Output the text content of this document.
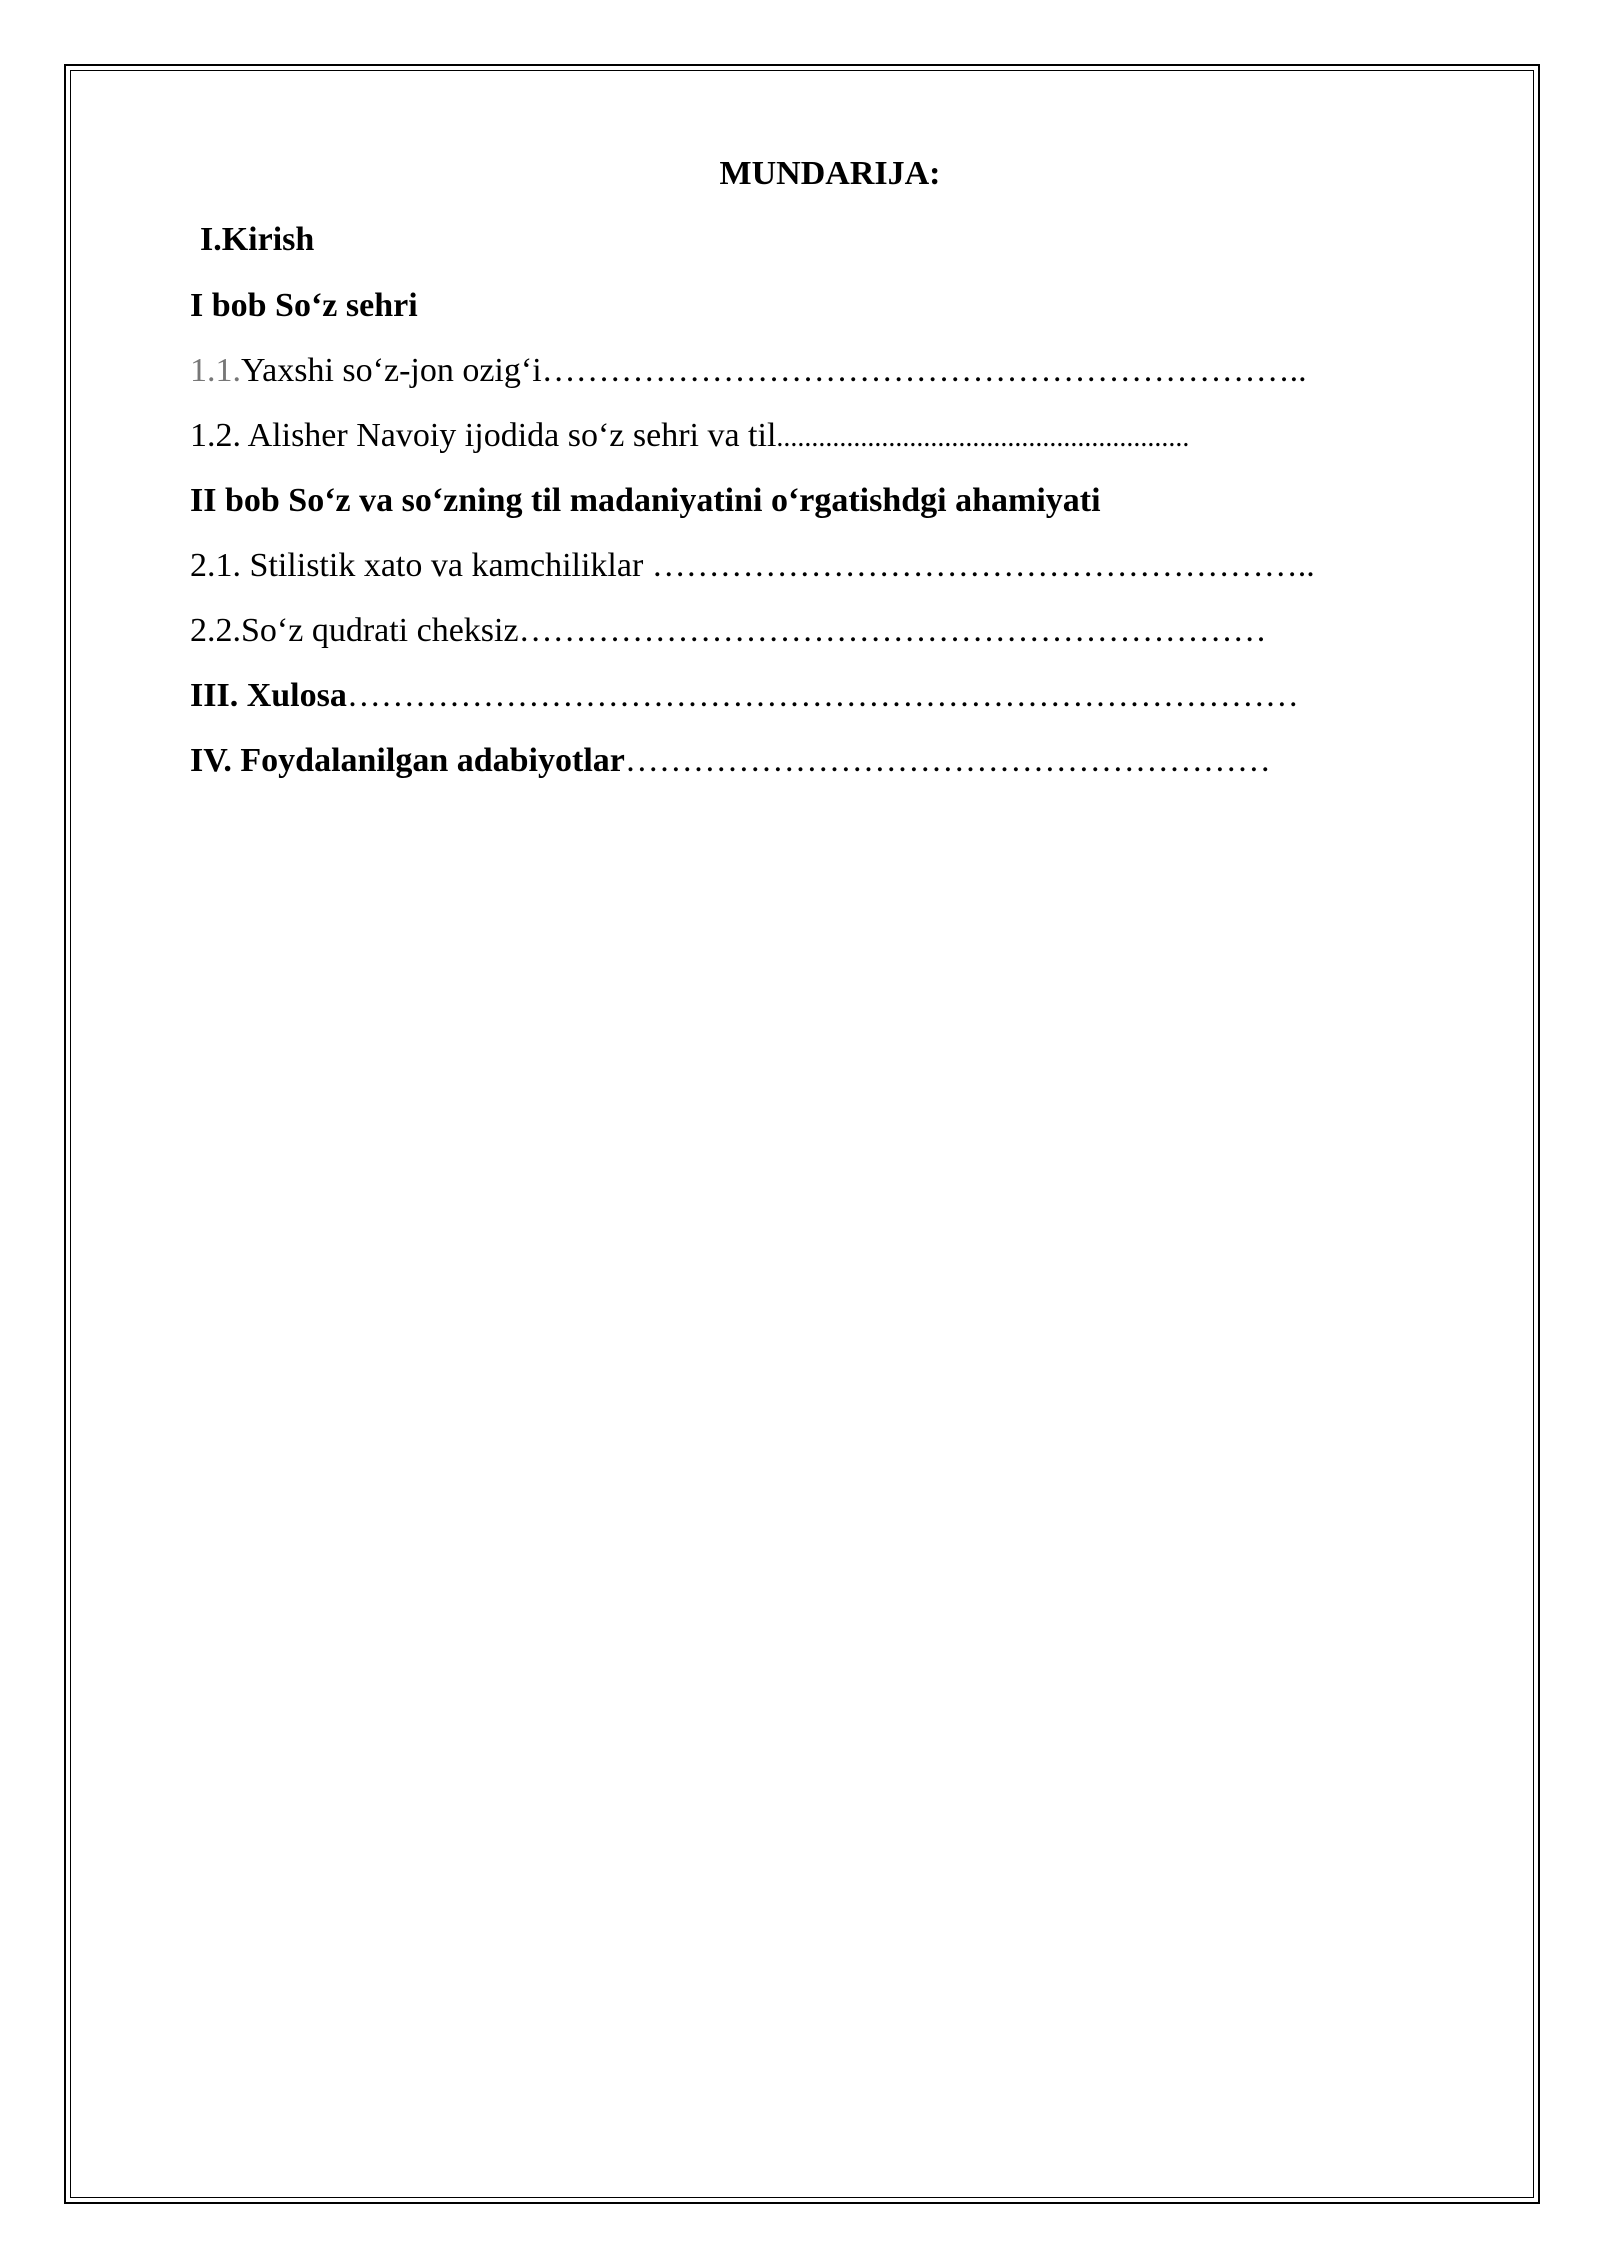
MUNDARIJA:
I.Kirish
I bob So‘z sehri
1.1.Yaxshi so‘z-jon ozig‘i…………………………………………………………..
1.2. Alisher Navoiy ijodida so‘z sehri va til...........................................................
II bob So‘z va so‘zning til madaniyatini o‘rgatishdgi ahamiyati
2.1. Stilistik xato va kamchiliklar …………………………………………………..
2.2.So‘z qudrati cheksiz…………………………………………………………
III. Xulosa…………………………………………………………………………
IV. Foydalanilgan adabiyotlar…………………………………………………
